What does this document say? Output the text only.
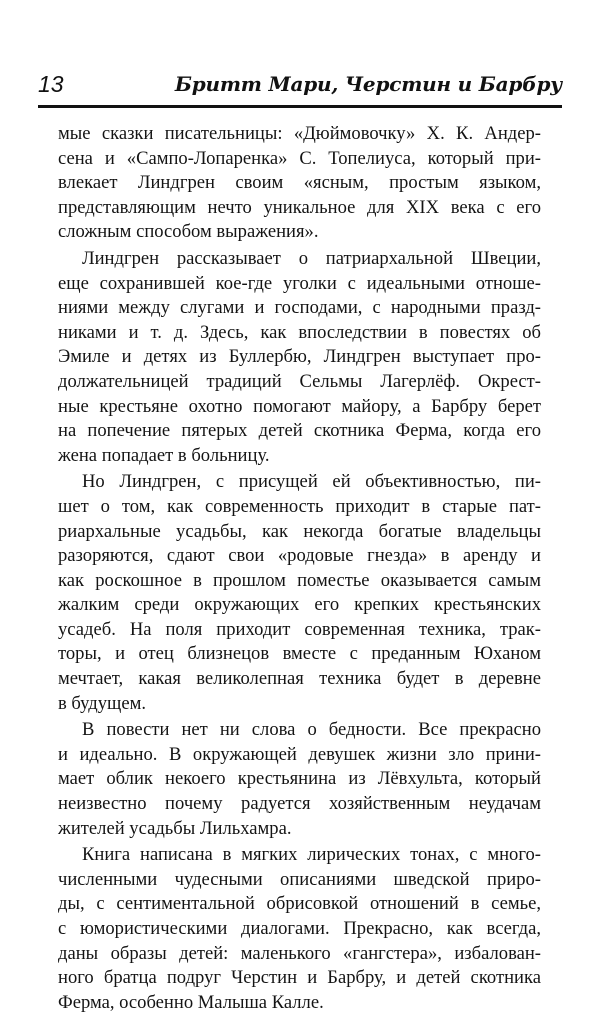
13	Бритт Мари, Черстин и Барбру
мые сказки писательницы: «Дюймовочку» Х. К. Андер-
сена и «Сампо-Лопаренка» С. Топелиуса, который при-
влекает Линдгрен своим «ясным, простым языком,
представляющим нечто уникальное для XIX века с его
сложным способом выражения».
Линдгрен рассказывает о патриархальной Швеции,
еще сохранившей кое-где уголки с идеальными отноше-
ниями между слугами и господами, с народными празд-
никами и т. д. Здесь, как впоследствии в повестях об
Эмиле и детях из Буллербю, Линдгрен выступает про-
должательницей традиций Сельмы Лагерлёф. Окрест-
ные крестьяне охотно помогают майору, а Барбру берет
на попечение пятерых детей скотника Ферма, когда его
жена попадает в больницу.
Но Линдгрен, с присущей ей объективностью, пи-
шет о том, как современность приходит в старые пат-
риархальные усадьбы, как некогда богатые владельцы
разоряются, сдают свои «родовые гнезда» в аренду и
как роскошное в прошлом поместье оказывается самым
жалким среди окружающих его крепких крестьянских
усадеб. На поля приходит современная техника, трак-
торы, и отец близнецов вместе с преданным Юханом
мечтает, какая великолепная техника будет в деревне
в будущем.
В повести нет ни слова о бедности. Все прекрасно
и идеально. В окружающей девушек жизни зло прини-
мает облик некоего крестьянина из Лёвхульта, который
неизвестно почему радуется хозяйственным неудачам
жителей усадьбы Лильхамра.
Книга написана в мягких лирических тонах, с много-
численными чудесными описаниями шведской приро-
ды, с сентиментальной обрисовкой отношений в семье,
с юмористическими диалогами. Прекрасно, как всегда,
даны образы детей: маленького «гангстера», избалован-
ного братца подруг Черстин и Барбру, и детей скотника
Ферма, особенно Малыша Калле.
